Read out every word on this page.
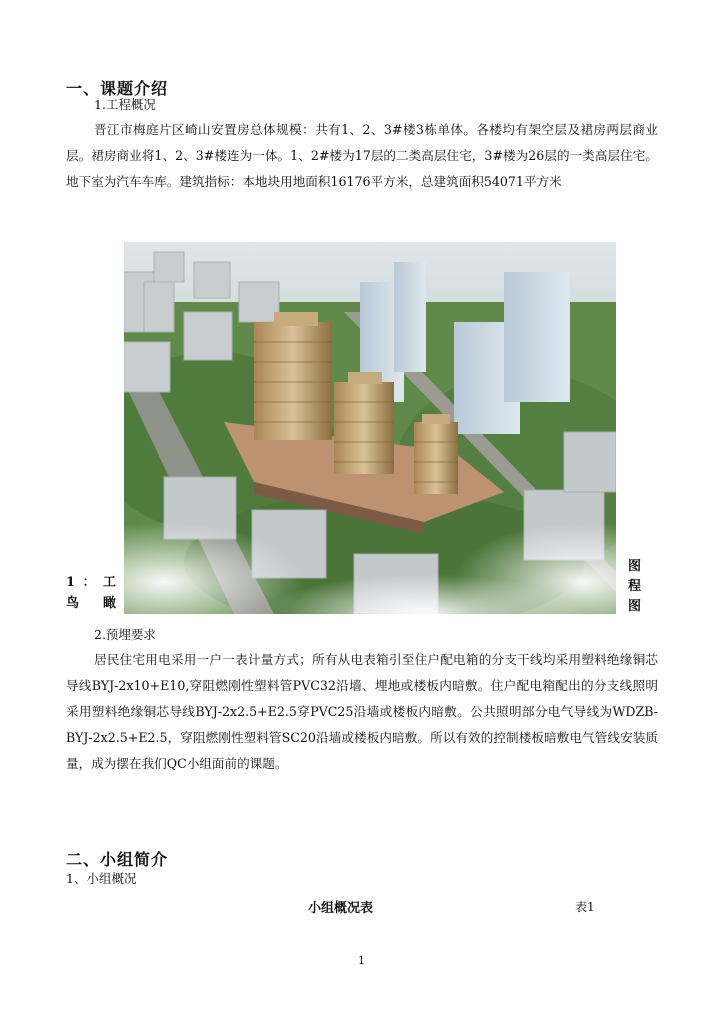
一、课题介绍
1.工程概况

晋江市梅庭片区崎山安置房总体规模：共有1、2、3#楼3栋单体。各楼均有架空层及裙房两层商业层。裙房商业将1、2、3#楼连为一体。1、2#楼为17层的二类高层住宅，3#楼为26层的一类高层住宅。地下室为汽车车库。建筑指标：本地块用地面积16176平方米，总建筑面积54071平方米

1 ： 工
鸟 瞰
图
程
图
2.预埋要求

居民住宅用电采用一户一表计量方式；所有从电表箱引至住户配电箱的分支干线均采用塑料绝缘铜芯导线BYJ-2x10+E10,穿阻燃刚性塑料管PVC32沿墙、埋地或楼板内暗敷。住户配电箱配出的分支线照明采用塑料绝缘铜芯导线BYJ-2x2.5+E2.5穿PVC25沿墙或楼板内暗敷。公共照明部分电气导线为WDZB-BYJ-2x2.5+E2.5，穿阻燃刚性塑料管SC20沿墙或楼板内暗敷。所以有效的控制楼板暗敷电气管线安装质量，成为摆在我们QC小组面前的课题。

二、小组简介
1、小组概况
小组概况表	表1
1
